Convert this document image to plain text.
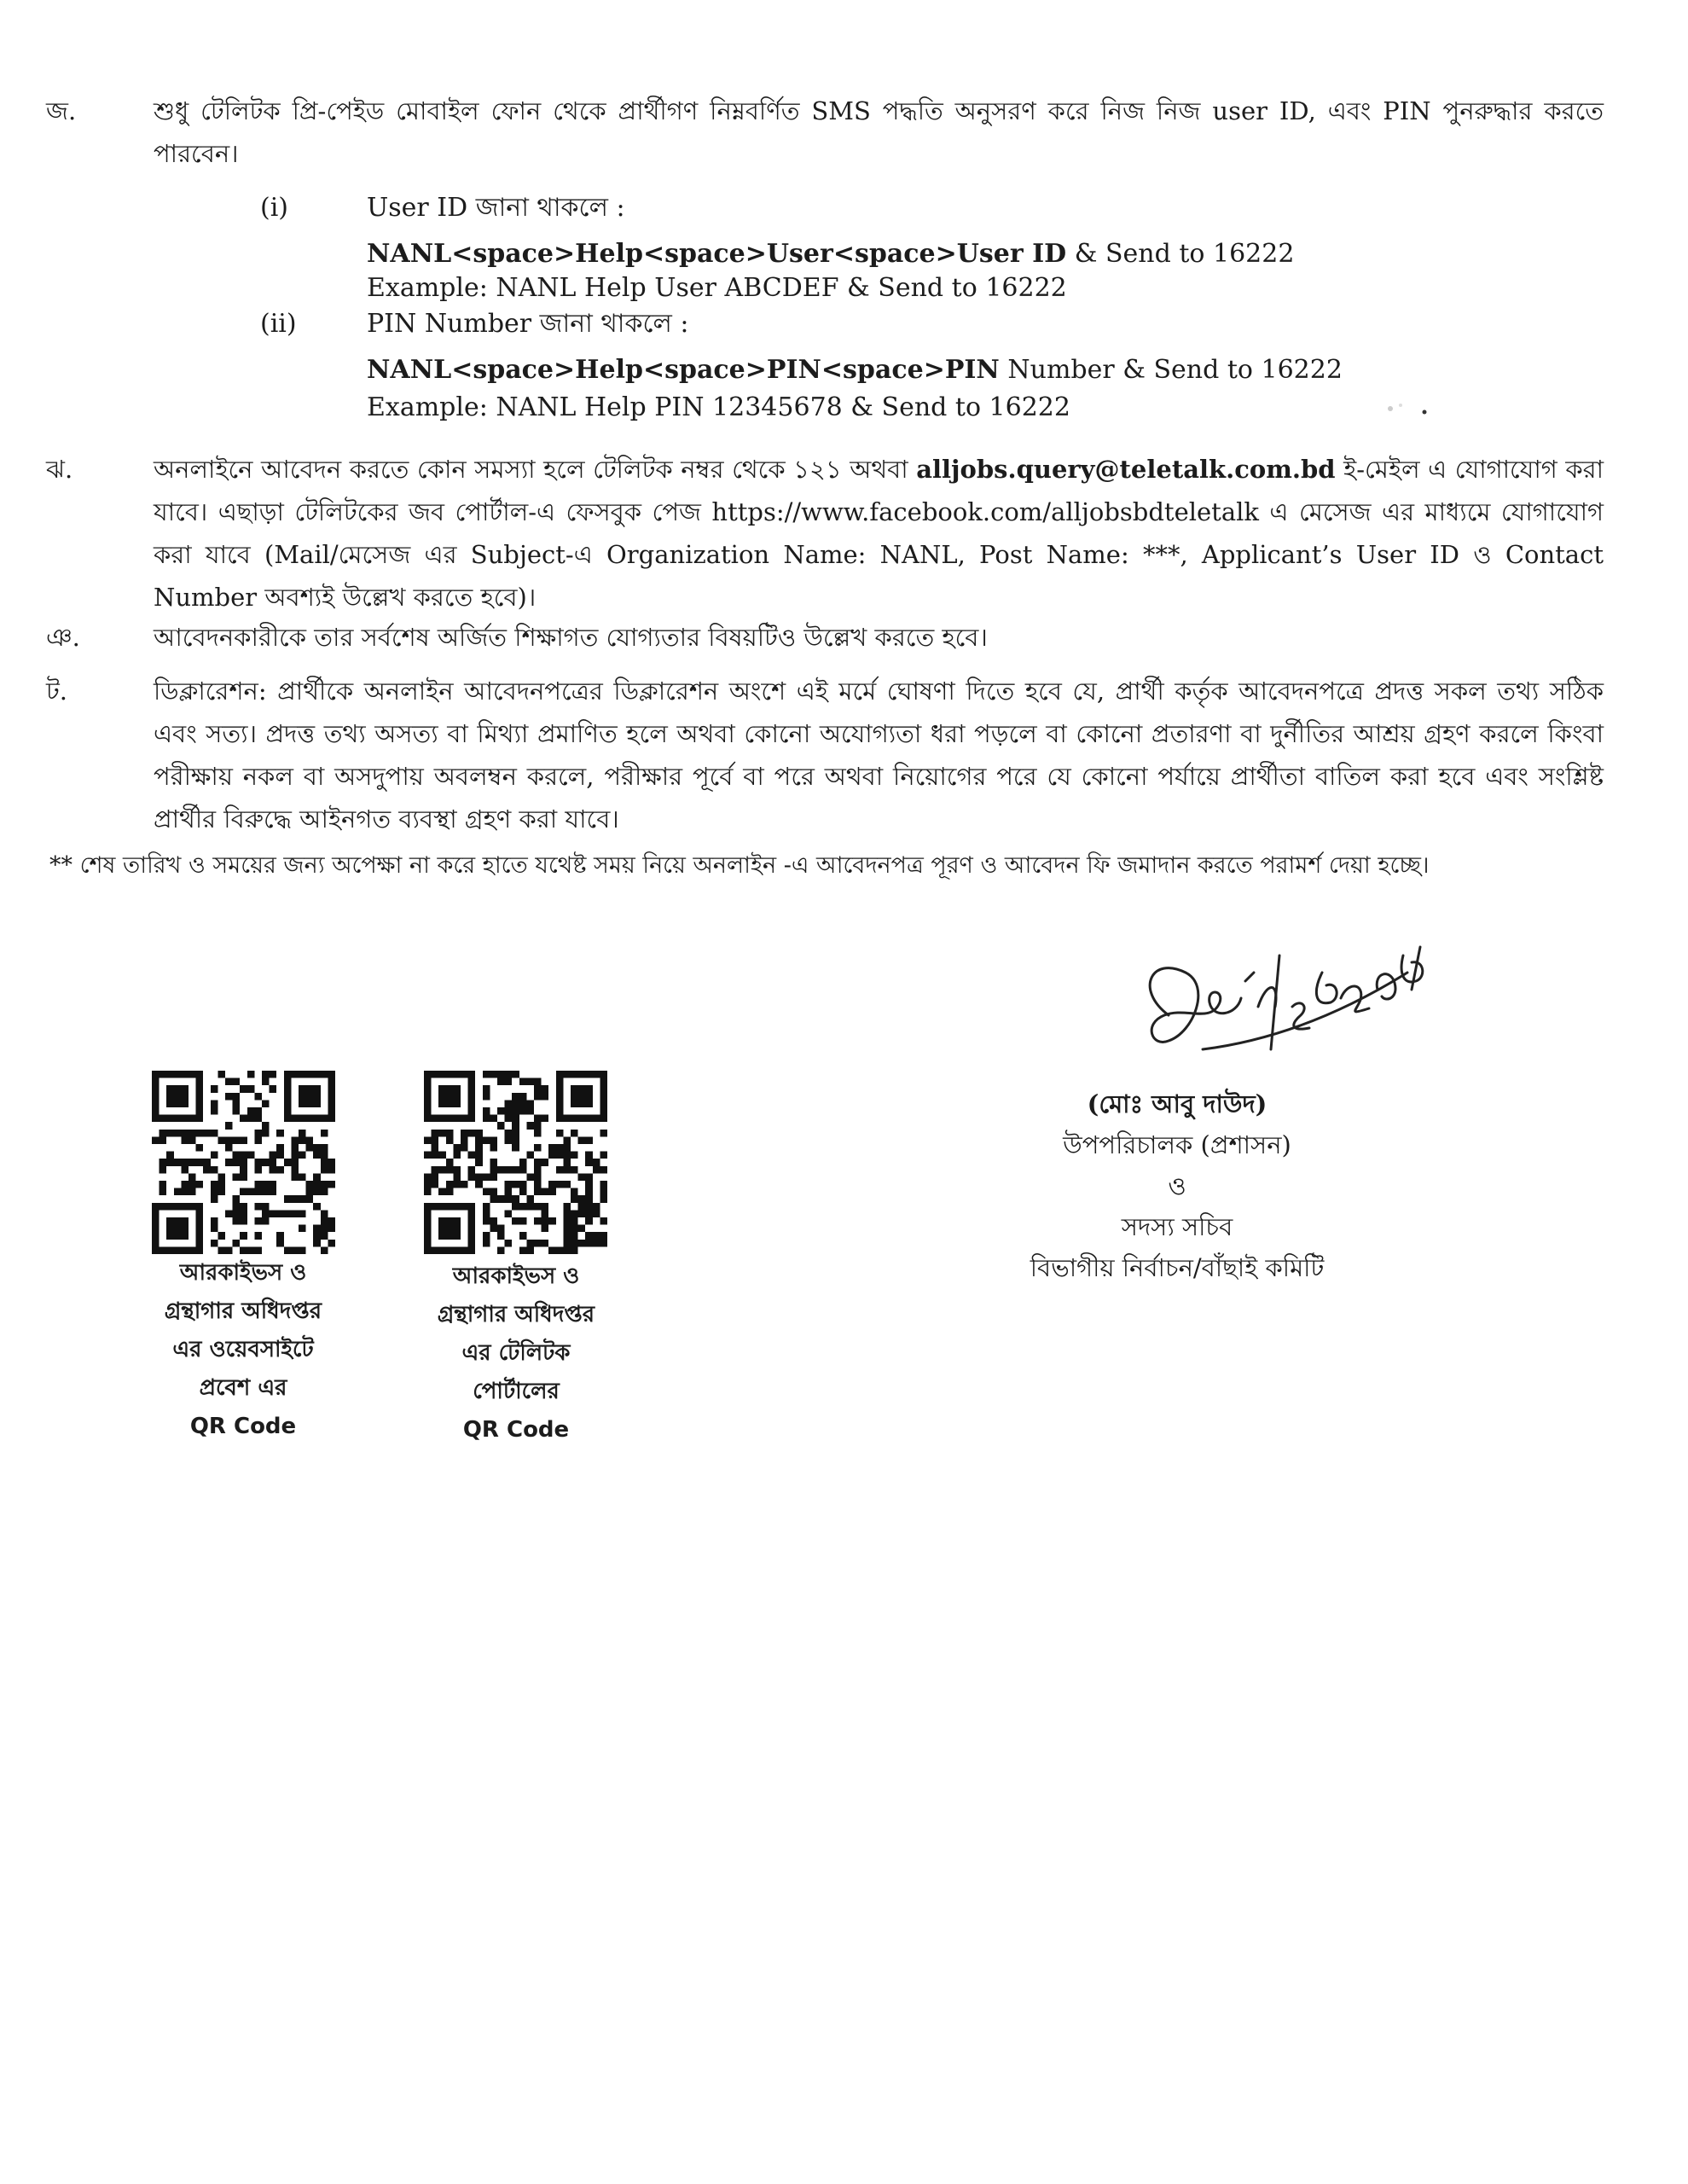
জ.	শুধু টেলিটক প্রি-পেইড মোবাইল ফোন থেকে প্রার্থীগণ নিম্নবর্ণিত SMS পদ্ধতি অনুসরণ করে নিজ নিজ user ID, এবং PIN পুনরুদ্ধার করতে পারবেন।
(i)	User ID জানা থাকলে :
NANL<space>Help<space>User<space>User ID & Send to 16222
Example: NANL Help User ABCDEF & Send to 16222
(ii)	PIN Number জানা থাকলে :
NANL<space>Help<space>PIN<space>PIN Number & Send to 16222
Example: NANL Help PIN 12345678 & Send to 16222
ঝ.	অনলাইনে আবেদন করতে কোন সমস্যা হলে টেলিটক নম্বর থেকে ১২১ অথবা alljobs.query@teletalk.com.bd ই-মেইল এ যোগাযোগ করা যাবে। এছাড়া টেলিটকের জব পোর্টাল-এ ফেসবুক পেজ https://www.facebook.com/alljobsbdteletalk এ মেসেজ এর মাধ্যমে যোগাযোগ করা যাবে (Mail/মেসেজ এর Subject-এ Organization Name: NANL, Post Name: ***, Applicant’s User ID ও Contact Number অবশ্যই উল্লেখ করতে হবে)।
ঞ.	আবেদনকারীকে তার সর্বশেষ অর্জিত শিক্ষাগত যোগ্যতার বিষয়টিও উল্লেখ করতে হবে।
ট.	ডিক্লারেশন: প্রার্থীকে অনলাইন আবেদনপত্রের ডিক্লারেশন অংশে এই মর্মে ঘোষণা দিতে হবে যে, প্রার্থী কর্তৃক আবেদনপত্রে প্রদত্ত সকল তথ্য সঠিক এবং সত্য। প্রদত্ত তথ্য অসত্য বা মিথ্যা প্রমাণিত হলে অথবা কোনো অযোগ্যতা ধরা পড়লে বা কোনো প্রতারণা বা দুর্নীতির আশ্রয় গ্রহণ করলে কিংবা পরীক্ষায় নকল বা অসদুপায় অবলম্বন করলে, পরীক্ষার পূর্বে বা পরে অথবা নিয়োগের পরে যে কোনো পর্যায়ে প্রার্থীতা বাতিল করা হবে এবং সংশ্লিষ্ট প্রার্থীর বিরুদ্ধে আইনগত ব্যবস্থা গ্রহণ করা যাবে।
** শেষ তারিখ ও সময়ের জন্য অপেক্ষা না করে হাতে যথেষ্ট সময় নিয়ে অনলাইন -এ আবেদনপত্র পূরণ ও আবেদন ফি জমাদান করতে পরামর্শ দেয়া হচ্ছে।
(মোঃ আবু দাউদ)
উপপরিচালক (প্রশাসন)
ও
সদস্য সচিব
বিভাগীয় নির্বাচন/বাঁছাই কমিটি
আরকাইভস ও
গ্রন্থাগার অধিদপ্তর
এর ওয়েবসাইটে
প্রবেশ এর
QR Code
আরকাইভস ও
গ্রন্থাগার অধিদপ্তর
এর টেলিটক
পোর্টালের
QR Code
